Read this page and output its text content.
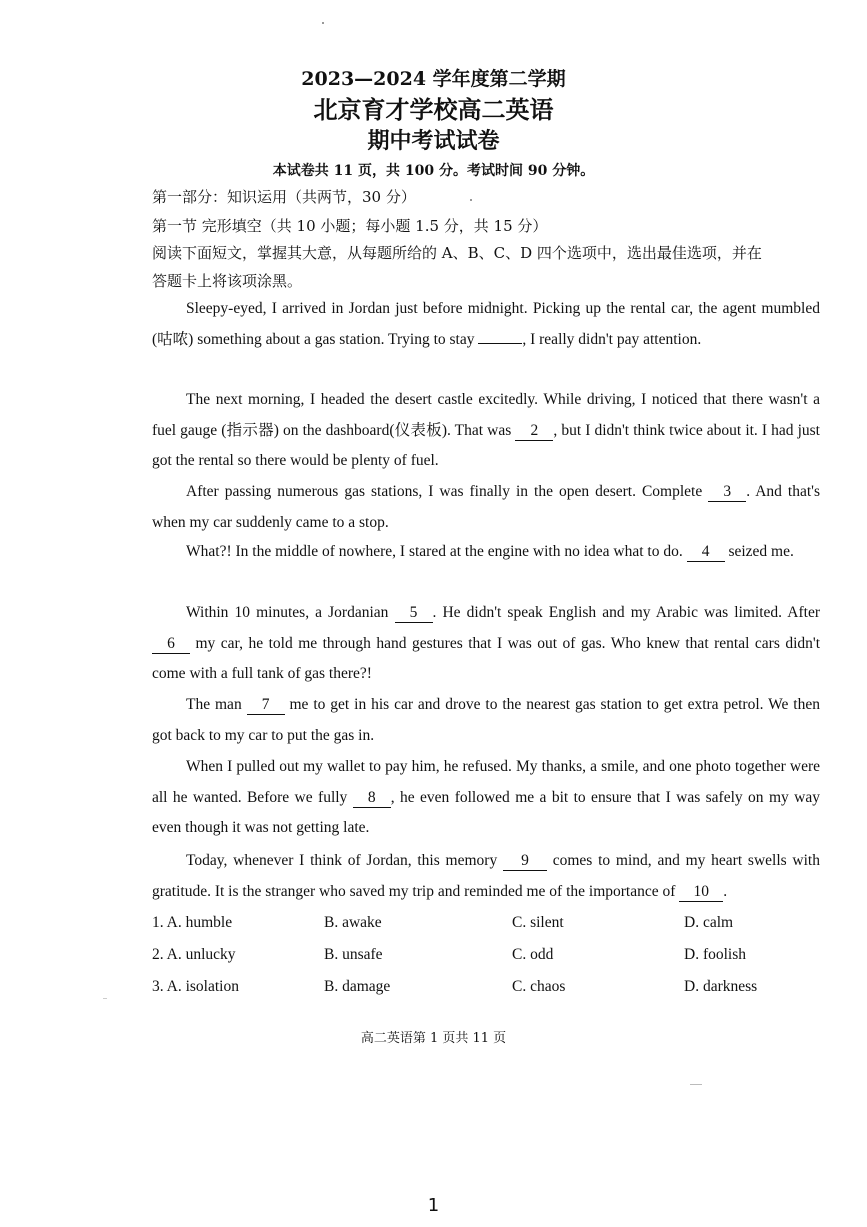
2023—2024 学年度第二学期
北京育才学校高二英语
期中考试试卷
本试卷共 11 页，共 100 分。考试时间 90 分钟。
第一部分：知识运用（共两节，30 分）
第一节 完形填空（共 10 小题；每小题 1.5 分，共 15 分）
阅读下面短文，掌握其大意，从每题所给的 A、B、C、D 四个选项中，选出最佳选项，并在
答题卡上将该项涂黑。
Sleepy-eyed, I arrived in Jordan just before midnight. Picking up the rental car, the agent mumbled (咕哝) something about a gas station. Trying to stay	, I really didn't pay attention.
The next morning, I headed the desert castle excitedly. While driving, I noticed that there wasn't a fuel gauge (指示器) on the dashboard(仪表板). That was 2 , but I didn't think twice about it. I had just got the rental so there would be plenty of fuel.
After passing numerous gas stations, I was finally in the open desert. Complete 3 . And that's when my car suddenly came to a stop.
What?! In the middle of nowhere, I stared at the engine with no idea what to do. 4 seized me.
Within 10 minutes, a Jordanian 5 . He didn't speak English and my Arabic was limited. After 6 my car, he told me through hand gestures that I was out of gas. Who knew that rental cars didn't come with a full tank of gas there?!
The man 7 me to get in his car and drove to the nearest gas station to get extra petrol. We then got back to my car to put the gas in.
When I pulled out my wallet to pay him, he refused. My thanks, a smile, and one photo together were all he wanted. Before we fully 8 , he even followed me a bit to ensure that I was safely on my way even though it was not getting late.
Today, whenever I think of Jordan, this memory 9 comes to mind, and my heart swells with gratitude. It is the stranger who saved my trip and reminded me of the importance of 10 .
1. A. humble	B. awake	C. silent	D. calm
2. A. unlucky	B. unsafe	C. odd	D. foolish
3. A. isolation	B. damage	C. chaos	D. darkness
高二英语第 1 页共 11 页
1
